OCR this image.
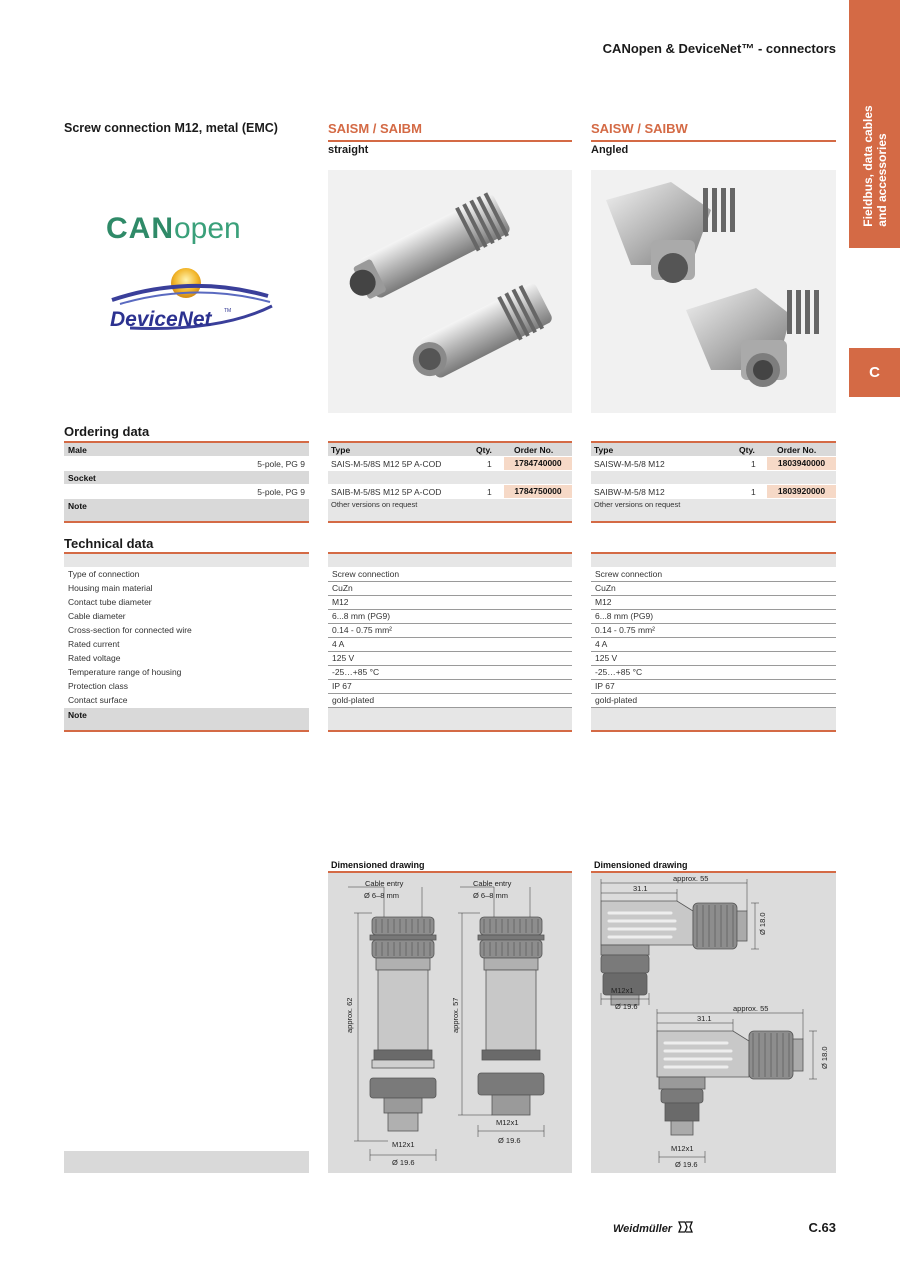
CANopen & DeviceNet™ - connectors
Fieldbus, data cables
and accessories
C
Screw connection M12, metal (EMC)	SAISM / SAIBM
straight
SAISW / SAIBW
Angled
CANopen
DeviceNet TM
Ordering data
Male
5-pole, PG 9
Socket
5-pole, PG 9
Note
Type	Qty.	Order No.
SAIS-M-5/8S M12 5P A-COD	1	1784740000
SAIB-M-5/8S M12 5P A-COD	1	1784750000
Other versions on request
Type	Qty.	Order No.
SAISW-M-5/8 M12	1	1803940000
SAIBW-M-5/8 M12	1	1803920000
Other versions on request
Technical data
Type of connection	Screw connection	Screw connection
Housing main material	CuZn	CuZn
Contact tube diameter	M12	M12
Cable diameter	6...8 mm (PG9)	6...8 mm (PG9)
Cross-section for connected wire	0.14 - 0.75 mm²	0.14 - 0.75 mm²
Rated current	4 A	4 A
Rated voltage	125 V	125 V
Temperature range of housing	-25…+85 °C	-25…+85 °C
Protection class	IP 67	IP 67
Contact surface	gold-plated	gold-plated
Note
Dimensioned drawing	Dimensioned drawing
Cable entry
Ø 6–8 mm
Cable entry
Ø 6–8 mm
approx. 62	approx. 57
M12x1
Ø 19.6
M12x1
Ø 19.6
approx. 55
31.1
Ø 18.0
M12x1
Ø 19.6	approx. 55
31.1
Ø 18.0
M12x1
Ø 19.6
Weidmüller	C.63
